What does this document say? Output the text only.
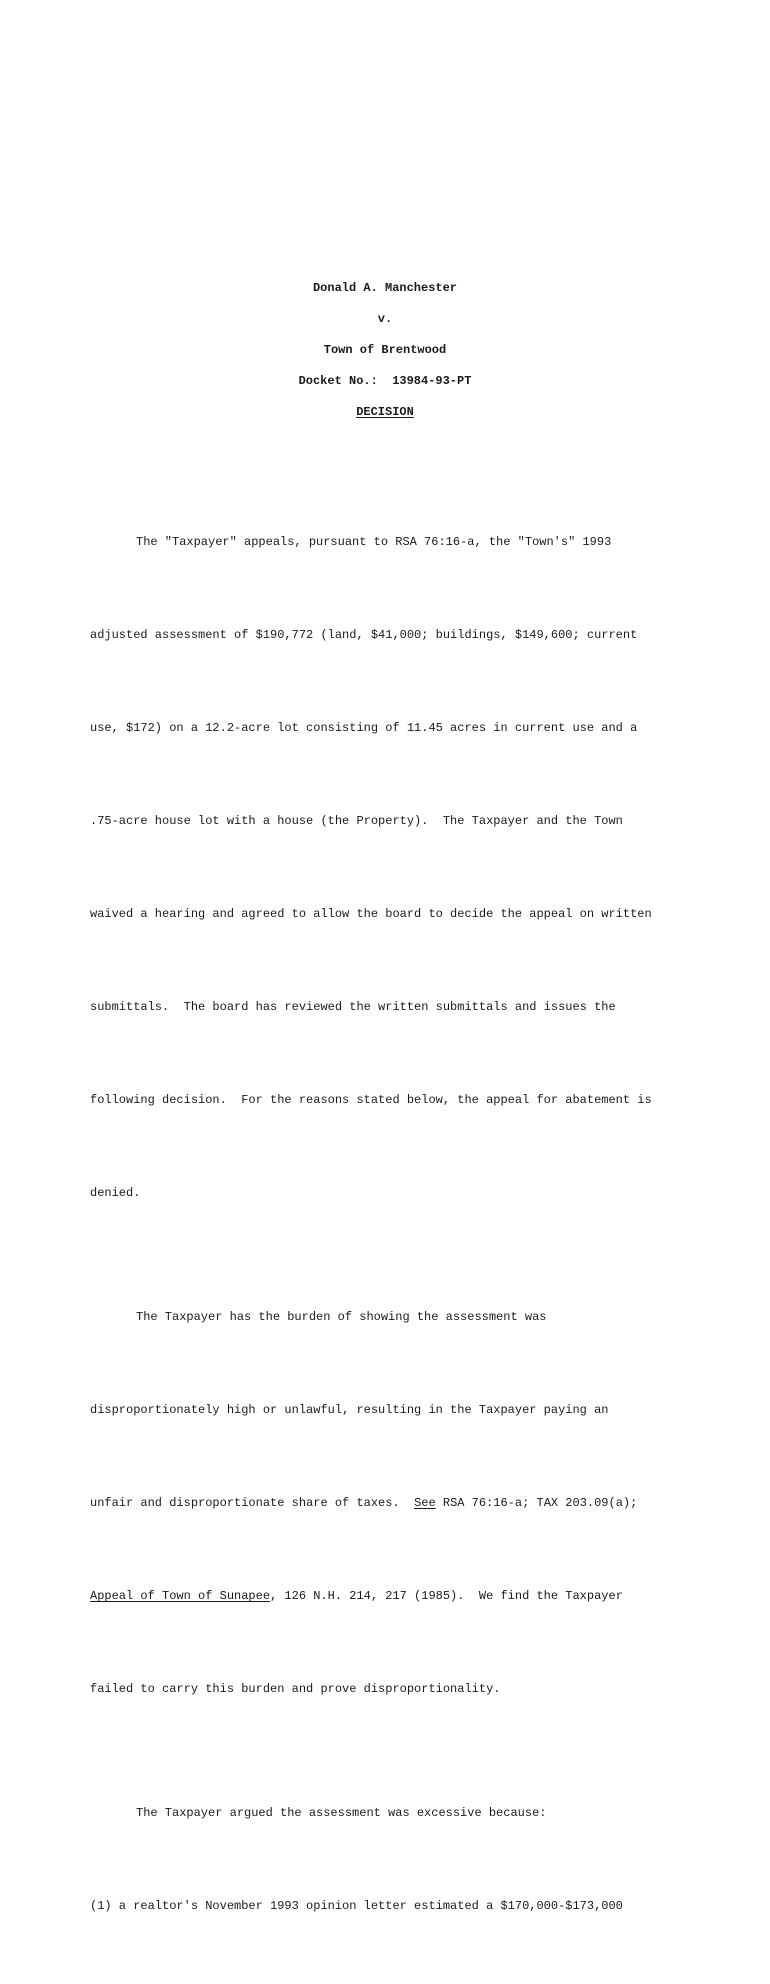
Donald A. Manchester
v.
Town of Brentwood
Docket No.:  13984-93-PT
DECISION

The "Taxpayer" appeals, pursuant to RSA 76:16-a, the "Town's" 1993

adjusted assessment of $190,772 (land, $41,000; buildings, $149,600; current

use, $172) on a 12.2-acre lot consisting of 11.45 acres in current use and a

.75-acre house lot with a house (the Property).  The Taxpayer and the Town

waived a hearing and agreed to allow the board to decide the appeal on written

submittals.  The board has reviewed the written submittals and issues the

following decision.  For the reasons stated below, the appeal for abatement is

denied.

The Taxpayer has the burden of showing the assessment was

disproportionately high or unlawful, resulting in the Taxpayer paying an

unfair and disproportionate share of taxes.  See RSA 76:16-a; TAX 203.09(a);

Appeal of Town of Sunapee, 126 N.H. 214, 217 (1985).  We find the Taxpayer

failed to carry this burden and prove disproportionality.

The Taxpayer argued the assessment was excessive because:

(1) a realtor's November 1993 opinion letter estimated a $170,000-$173,000
